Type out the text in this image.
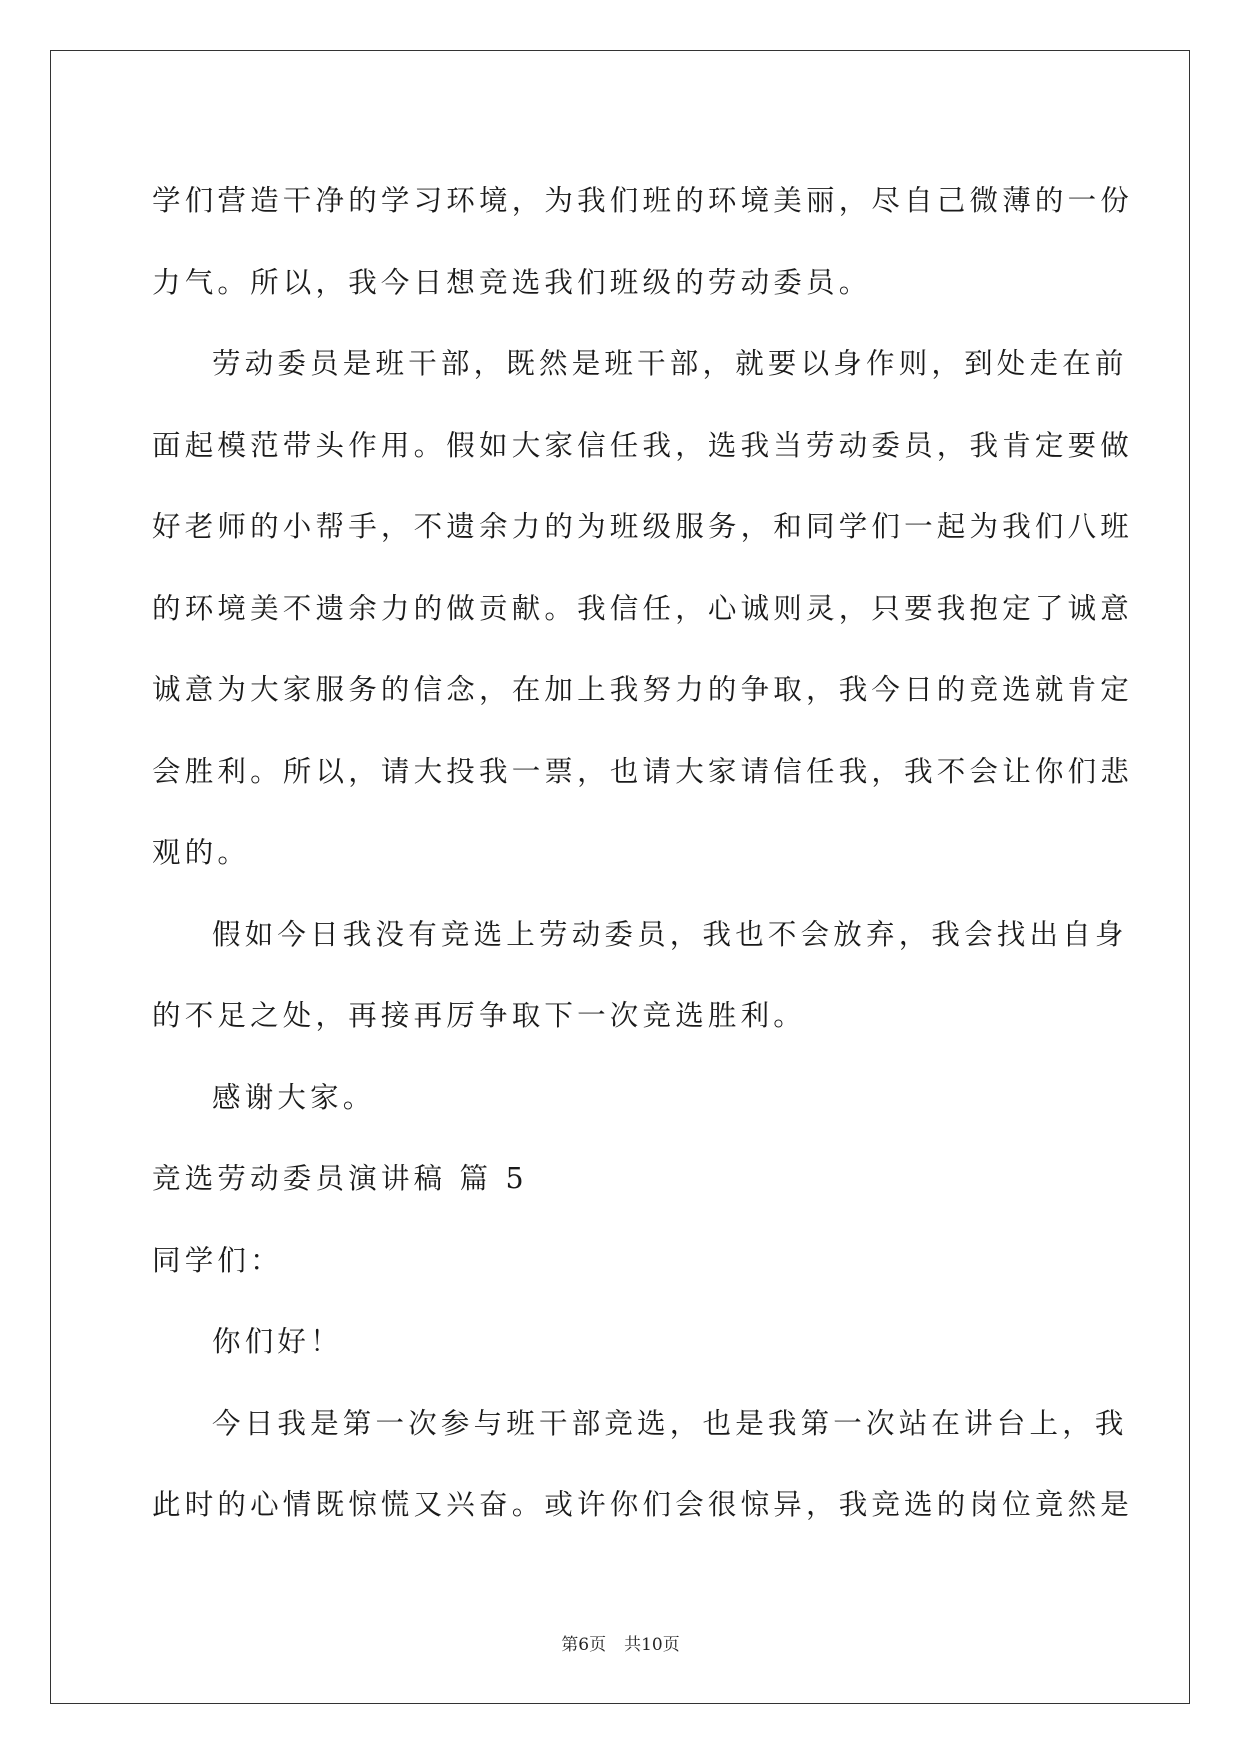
学们营造干净的学习环境，为我们班的环境美丽，尽自己微薄的一份
力气。所以，我今日想竞选我们班级的劳动委员。
劳动委员是班干部，既然是班干部，就要以身作则，到处走在前
面起模范带头作用。假如大家信任我，选我当劳动委员，我肯定要做
好老师的小帮手，不遗余力的为班级服务，和同学们一起为我们八班
的环境美不遗余力的做贡献。我信任，心诚则灵，只要我抱定了诚意
诚意为大家服务的信念，在加上我努力的争取，我今日的竞选就肯定
会胜利。所以，请大投我一票，也请大家请信任我，我不会让你们悲
观的。
假如今日我没有竞选上劳动委员，我也不会放弃，我会找出自身
的不足之处，再接再厉争取下一次竞选胜利。
感谢大家。
竞选劳动委员演讲稿 篇 5
同学们：
你们好！
今日我是第一次参与班干部竞选，也是我第一次站在讲台上，我
此时的心情既惊慌又兴奋。或许你们会很惊异，我竞选的岗位竟然是
第6页 共10页
